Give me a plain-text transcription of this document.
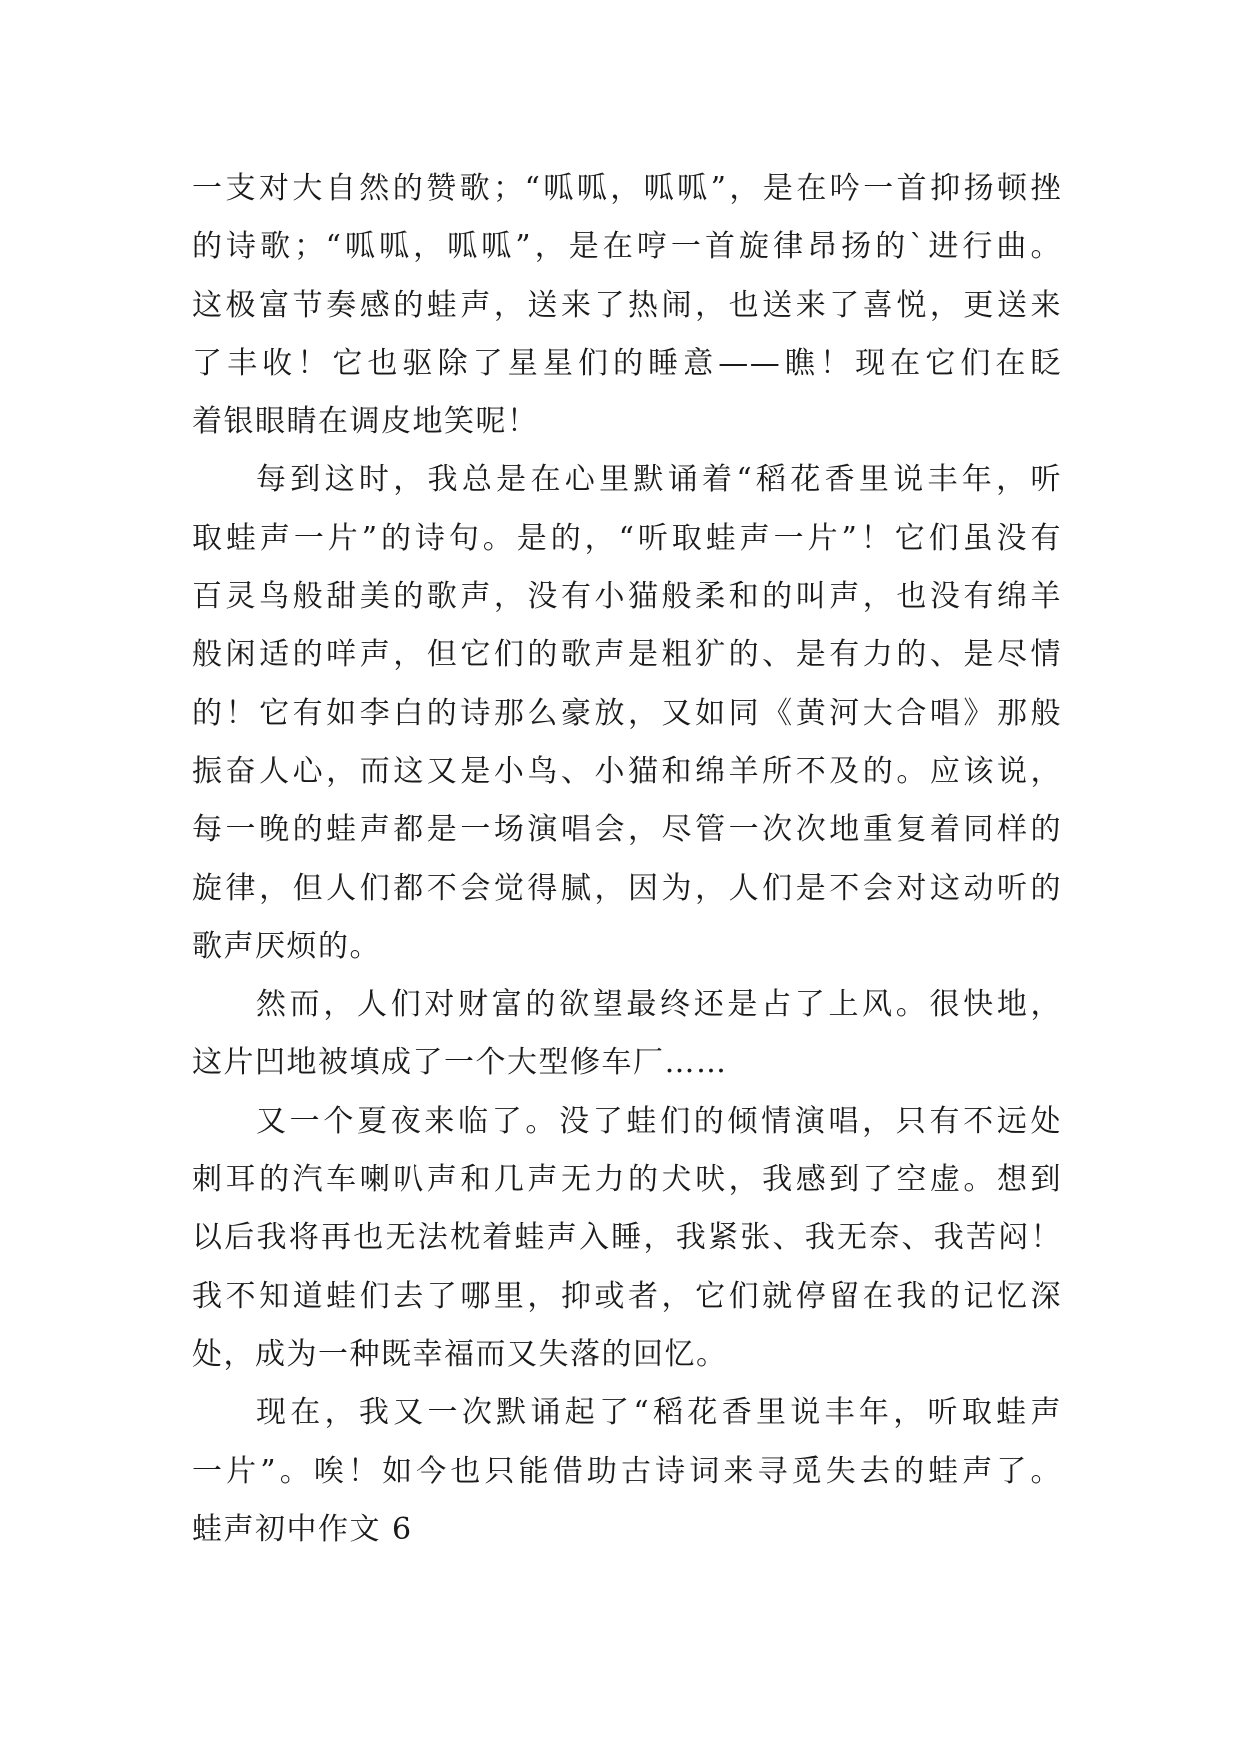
一支对大自然的赞歌；“呱呱，呱呱”，是在吟一首抑扬顿挫
的诗歌；“呱呱，呱呱”，是在哼一首旋律昂扬的`进行曲。
这极富节奏感的蛙声，送来了热闹，也送来了喜悦，更送来
了丰收！它也驱除了星星们的睡意——瞧！现在它们在眨
着银眼睛在调皮地笑呢！
每到这时，我总是在心里默诵着“稻花香里说丰年，听
取蛙声一片”的诗句。是的，“听取蛙声一片”！它们虽没有
百灵鸟般甜美的歌声，没有小猫般柔和的叫声，也没有绵羊
般闲适的咩声，但它们的歌声是粗犷的、是有力的、是尽情
的！它有如李白的诗那么豪放，又如同《黄河大合唱》那般
振奋人心，而这又是小鸟、小猫和绵羊所不及的。应该说，
每一晚的蛙声都是一场演唱会，尽管一次次地重复着同样的
旋律，但人们都不会觉得腻，因为，人们是不会对这动听的
歌声厌烦的。
然而，人们对财富的欲望最终还是占了上风。很快地，
这片凹地被填成了一个大型修车厂……
又一个夏夜来临了。没了蛙们的倾情演唱，只有不远处
刺耳的汽车喇叭声和几声无力的犬吠，我感到了空虚。想到
以后我将再也无法枕着蛙声入睡，我紧张、我无奈、我苦闷！
我不知道蛙们去了哪里，抑或者，它们就停留在我的记忆深
处，成为一种既幸福而又失落的回忆。
现在，我又一次默诵起了“稻花香里说丰年，听取蛙声
一片”。唉！如今也只能借助古诗词来寻觅失去的蛙声了。
蛙声初中作文 6
